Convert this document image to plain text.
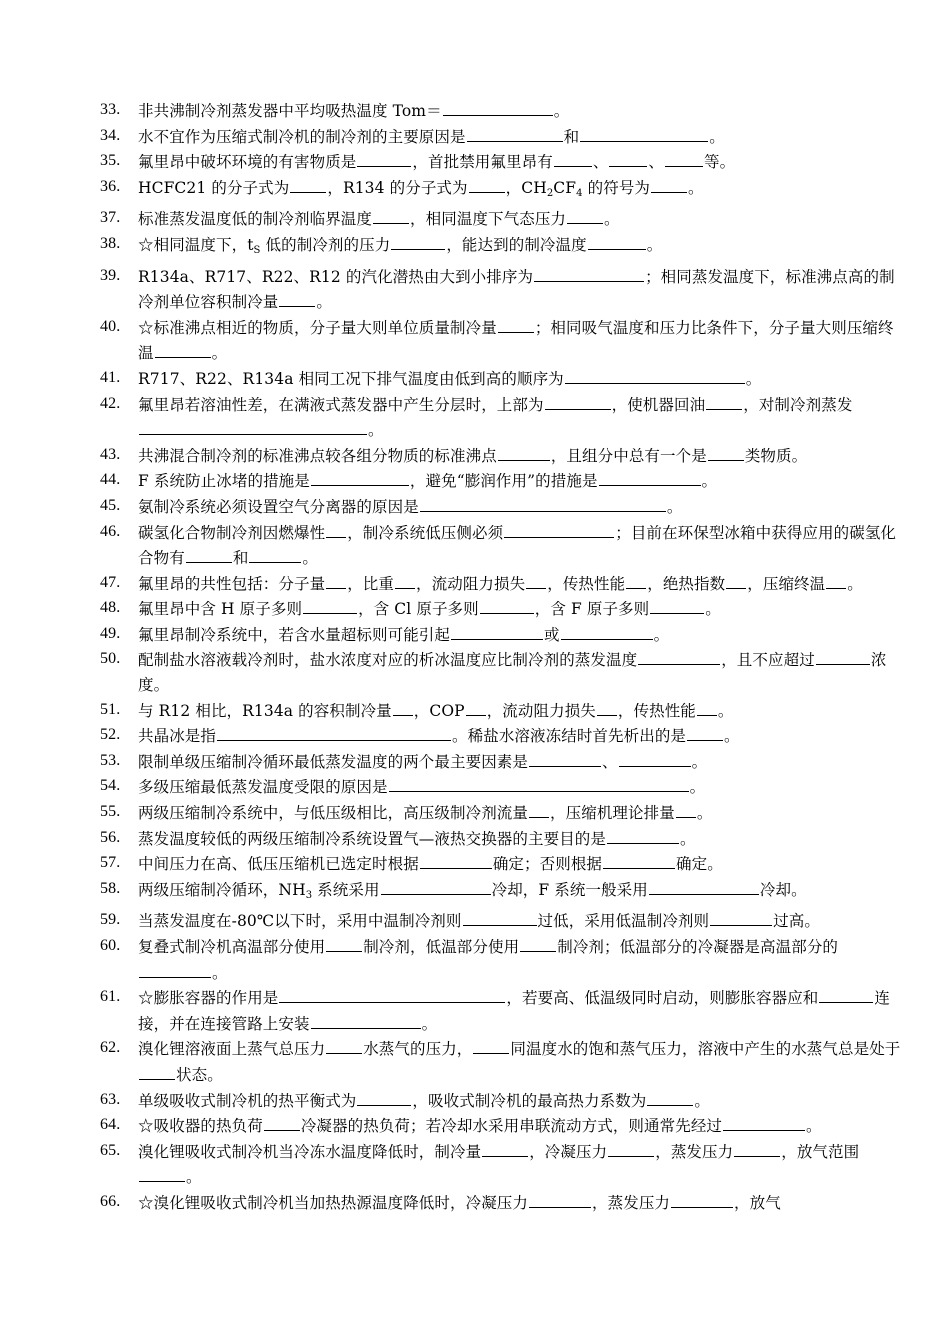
33.	非共沸制冷剂蒸发器中平均吸热温度 Tom＝	。
34.	水不宜作为压缩式制冷机的制冷剂的主要原因是	和	。
35.	氟里昂中破坏环境的有害物质是	，首批禁用氟里昂有	、	、	等。
36.	HCFC21 的分子式为 ，R134 的分子式为 ，$CH_2CF_4$ 的符号为 。
37.	标准蒸发温度低的制冷剂临界温度 ，相同温度下气态压力 。
38.	☆相同温度下，$t_S$ 低的制冷剂的压力	，能达到的制冷温度	。
39.	R134a、R717、R22、R12 的汽化潜热由大到小排序为	；相同蒸发温度下，标准沸点高的制冷剂单位容积制冷量 。
40.	☆标准沸点相近的物质，分子量大则单位质量制冷量 ；相同吸气温度和压力比条件下，分子量大则压缩终温	。
41.	R717、R22、R134a 相同工况下排气温度由低到高的顺序为	。
42.	氟里昂若溶油性差，在满液式蒸发器中产生分层时，上部为	，使机器回油 ，对制冷剂蒸发。
43.	共沸混合制冷剂的标准沸点较各组分物质的标准沸点	，且组分中总有一个是 类物质。
44.	F 系统防止冰堵的措施是	，避免“膨润作用”的措施是	。
45.	氨制冷系统必须设置空气分离器的原因是	。
46.	碳氢化合物制冷剂因燃爆性 ，制冷系统低压侧必须	；目前在环保型冰箱中获得应用的碳氢化合物有	和	。
47.	氟里昂的共性包括：分子量 ，比重 ，流动阻力损失 ，传热性能 ，绝热指数 ，压缩终温 。
48.	氟里昂中含 H 原子多则	，含 Cl 原子多则	，含 F 原子多则	。
49.	氟里昂制冷系统中，若含水量超标则可能引起	或	。
50.	配制盐水溶液载冷剂时，盐水浓度对应的析冰温度应比制冷剂的蒸发温度	，且不应超过	浓度。
51.	与 R12 相比，R134a 的容积制冷量 ，COP ，流动阻力损失 ，传热性能 。
52.	共晶冰是指	。稀盐水溶液冻结时首先析出的是 。
53.	限制单级压缩制冷循环最低蒸发温度的两个最主要因素是	、	。
54.	多级压缩最低蒸发温度受限的原因是	。
55.	两级压缩制冷系统中，与低压级相比，高压级制冷剂流量 ，压缩机理论排量 。
56.	蒸发温度较低的两级压缩制冷系统设置气—液热交换器的主要目的是	。
57.	中间压力在高、低压压缩机已选定时根据	确定；否则根据	确定。
58.	两级压缩制冷循环，$NH_3$ 系统采用	冷却，F 系统一般采用	冷却。
59.	当蒸发温度在-80℃以下时，采用中温制冷剂则	过低，采用低温制冷剂则	过高。
60.	复叠式制冷机高温部分使用 制冷剂，低温部分使用 制冷剂；低温部分的冷凝器是高温部分的。
61.	☆膨胀容器的作用是	，若要高、低温级同时启动，则膨胀容器应和	连接，并在连接管路上安装	。
62.	溴化锂溶液面上蒸气总压力 水蒸气的压力， 同温度水的饱和蒸气压力，溶液中产生的水蒸气总是处于状态。
63.	单级吸收式制冷机的热平衡式为	，吸收式制冷机的最高热力系数为	。
64.	☆吸收器的热负荷 冷凝器的热负荷；若冷却水采用串联流动方式，则通常先经过	。
65.	溴化锂吸收式制冷机当冷冻水温度降低时，制冷量	，冷凝压力	，蒸发压力	，放气范围。
66.	☆溴化锂吸收式制冷机当加热热源温度降低时，冷凝压力	，蒸发压力	，放气
